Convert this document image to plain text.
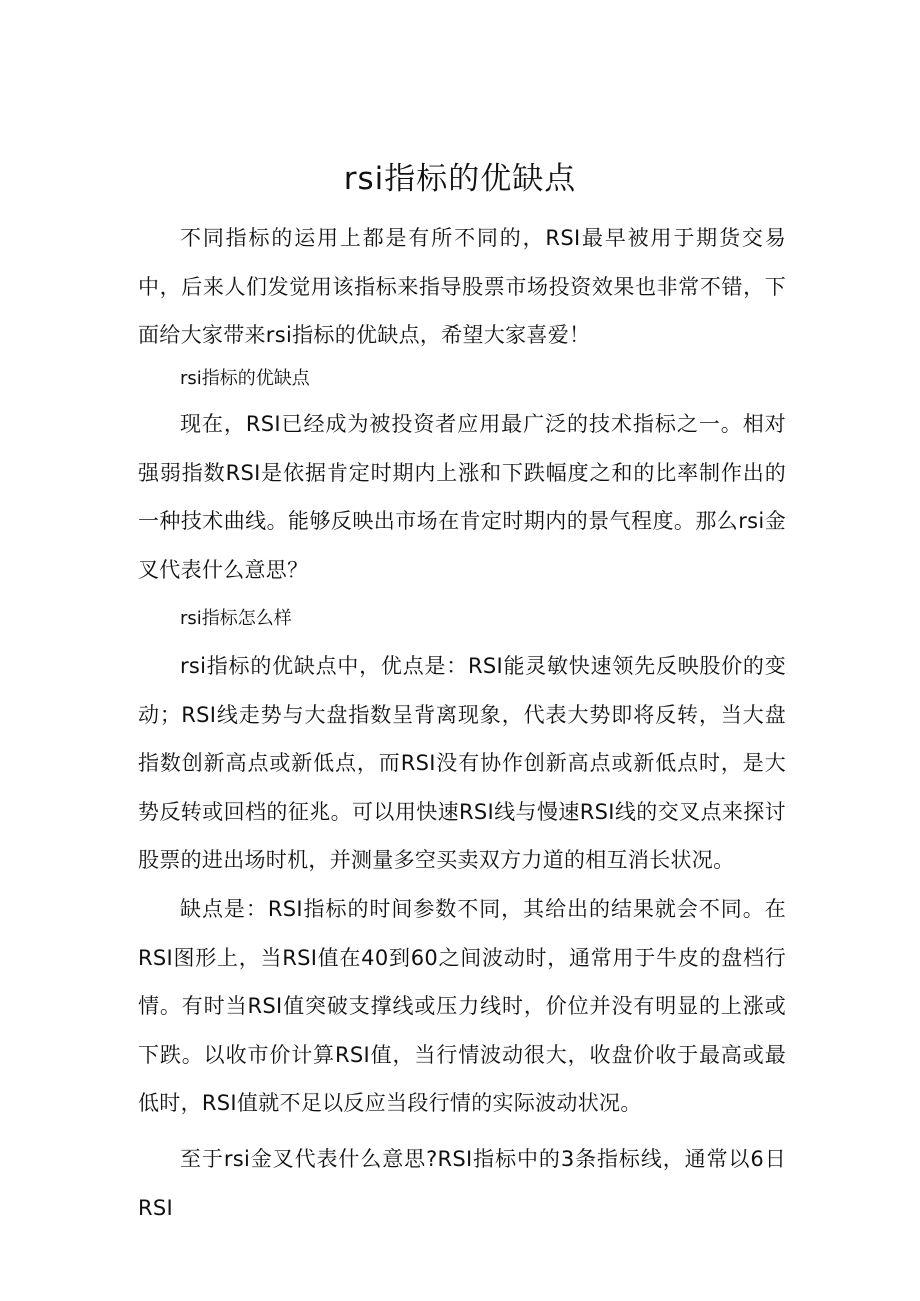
rsi指标的优缺点

不同指标的运用上都是有所不同的，RSI最早被用于期货交易中，后来人们发觉用该指标来指导股票市场投资效果也非常不错，下面给大家带来rsi指标的优缺点，希望大家喜爱！

rsi指标的优缺点

现在，RSI已经成为被投资者应用最广泛的技术指标之一。相对强弱指数RSI是依据肯定时期内上涨和下跌幅度之和的比率制作出的一种技术曲线。能够反映出市场在肯定时期内的景气程度。那么rsi金叉代表什么意思？

rsi指标怎么样

rsi指标的优缺点中，优点是：RSI能灵敏快速领先反映股价的变动；RSI线走势与大盘指数呈背离现象，代表大势即将反转，当大盘指数创新高点或新低点，而RSI没有协作创新高点或新低点时，是大势反转或回档的征兆。可以用快速RSI线与慢速RSI线的交叉点来探讨股票的进出场时机，并测量多空买卖双方力道的相互消长状况。

缺点是：RSI指标的时间参数不同，其给出的结果就会不同。在RSI图形上，当RSI值在40到60之间波动时，通常用于牛皮的盘档行情。有时当RSI值突破支撑线或压力线时，价位并没有明显的上涨或下跌。以收市价计算RSI值，当行情波动很大，收盘价收于最高或最低时，RSI值就不足以反应当段行情的实际波动状况。

至于rsi金叉代表什么意思?RSI指标中的3条指标线，通常以6日RSI
